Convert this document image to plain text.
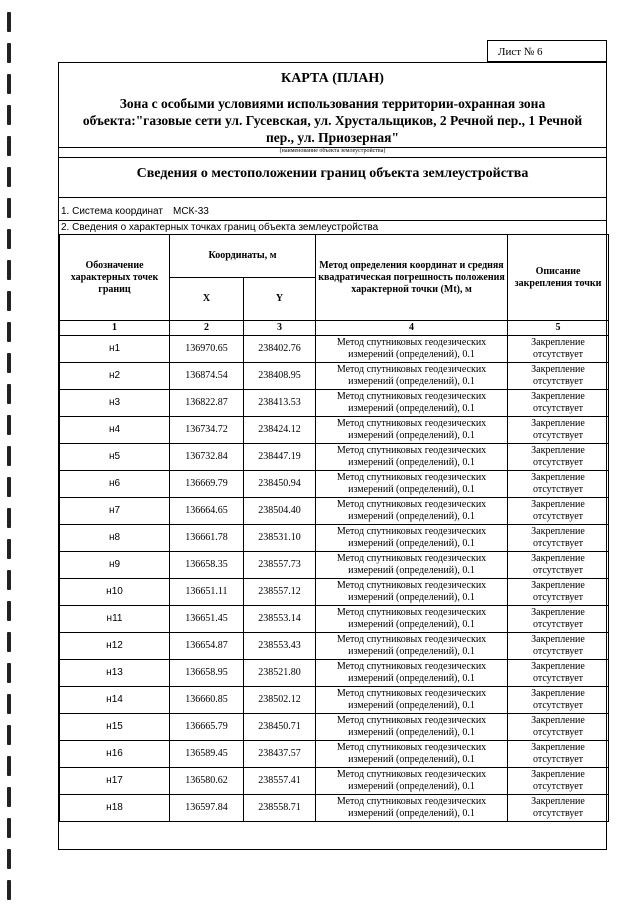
Лист № 6
КАРТА (ПЛАН)
Зона с особыми условиями использования территории-охранная зона объекта:"газовые сети ул. Гусевская, ул. Хрустальщиков, 2 Речной пер., 1 Речной пер., ул. Приозерная"
(наименование объекта землеустройства)
Сведения о местоположении границ объекта землеустройства
1. Система координат МСК-33
2. Сведения о характерных точках границ объекта землеустройства
Обозначение характерных точек границ	Координаты, м		Метод определения координат и средняя квадратическая погрешность положения характерной точки (Mt), м	Описание закрепления точки
	X	Y		
1	2	3	4	5
н1	136970.65	238402.76	Метод спутниковых геодезических измерений (определений), 0.1	Закрепление отсутствует
н2	136874.54	238408.95	Метод спутниковых геодезических измерений (определений), 0.1	Закрепление отсутствует
н3	136822.87	238413.53	Метод спутниковых геодезических измерений (определений), 0.1	Закрепление отсутствует
н4	136734.72	238424.12	Метод спутниковых геодезических измерений (определений), 0.1	Закрепление отсутствует
н5	136732.84	238447.19	Метод спутниковых геодезических измерений (определений), 0.1	Закрепление отсутствует
н6	136669.79	238450.94	Метод спутниковых геодезических измерений (определений), 0.1	Закрепление отсутствует
н7	136664.65	238504.40	Метод спутниковых геодезических измерений (определений), 0.1	Закрепление отсутствует
н8	136661.78	238531.10	Метод спутниковых геодезических измерений (определений), 0.1	Закрепление отсутствует
н9	136658.35	238557.73	Метод спутниковых геодезических измерений (определений), 0.1	Закрепление отсутствует
н10	136651.11	238557.12	Метод спутниковых геодезических измерений (определений), 0.1	Закрепление отсутствует
н11	136651.45	238553.14	Метод спутниковых геодезических измерений (определений), 0.1	Закрепление отсутствует
н12	136654.87	238553.43	Метод спутниковых геодезических измерений (определений), 0.1	Закрепление отсутствует
н13	136658.95	238521.80	Метод спутниковых геодезических измерений (определений), 0.1	Закрепление отсутствует
н14	136660.85	238502.12	Метод спутниковых геодезических измерений (определений), 0.1	Закрепление отсутствует
н15	136665.79	238450.71	Метод спутниковых геодезических измерений (определений), 0.1	Закрепление отсутствует
н16	136589.45	238437.57	Метод спутниковых геодезических измерений (определений), 0.1	Закрепление отсутствует
н17	136580.62	238557.41	Метод спутниковых геодезических измерений (определений), 0.1	Закрепление отсутствует
н18	136597.84	238558.71	Метод спутниковых геодезических измерений (определений), 0.1	Закрепление отсутствует
